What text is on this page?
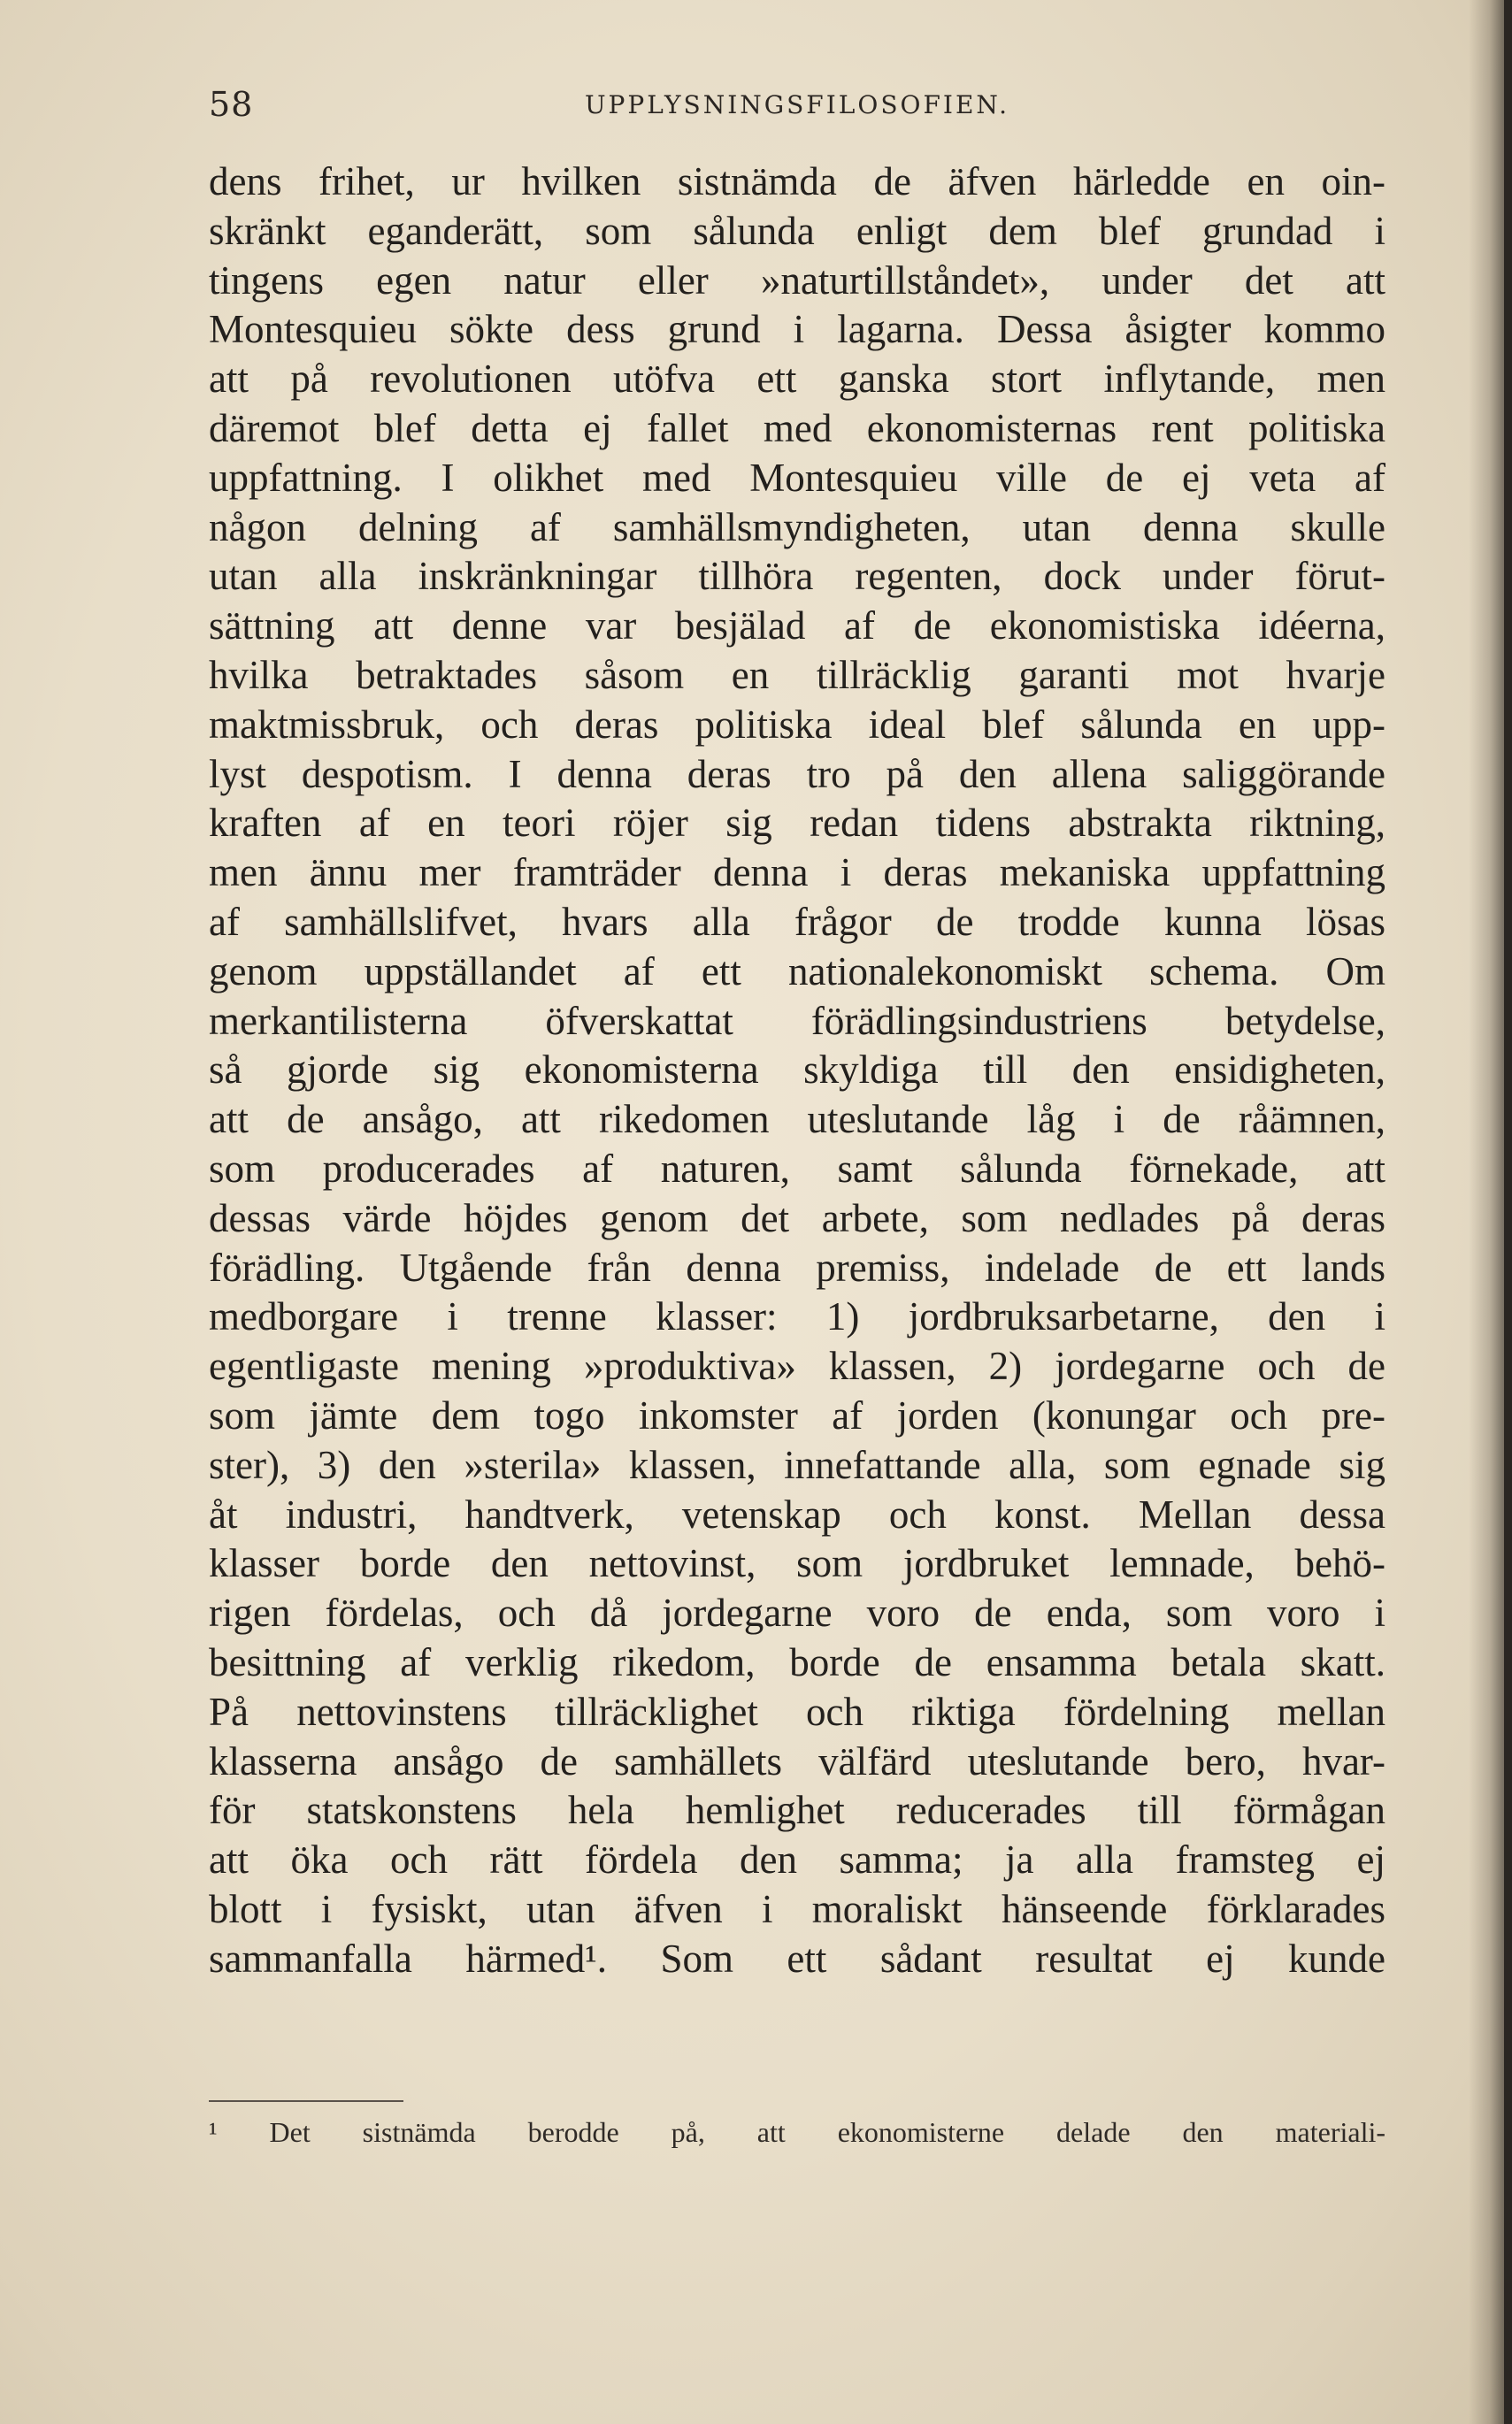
58	UPPLYSNINGSFILOSOFIEN.
dens frihet, ur hvilken sistnämda de äfven härledde en oin-
skränkt eganderätt, som sålunda enligt dem blef grundad i
tingens egen natur eller »naturtillståndet», under det att
Montesquieu sökte dess grund i lagarna. Dessa åsigter kommo
att på revolutionen utöfva ett ganska stort inflytande, men
däremot blef detta ej fallet med ekonomisternas rent politiska
uppfattning. I olikhet med Montesquieu ville de ej veta af
någon delning af samhällsmyndigheten, utan denna skulle
utan alla inskränkningar tillhöra regenten, dock under förut-
sättning att denne var besjälad af de ekonomistiska idéerna,
hvilka betraktades såsom en tillräcklig garanti mot hvarje
maktmissbruk, och deras politiska ideal blef sålunda en upp-
lyst despotism. I denna deras tro på den allena saliggörande
kraften af en teori röjer sig redan tidens abstrakta riktning,
men ännu mer framträder denna i deras mekaniska uppfattning
af samhällslifvet, hvars alla frågor de trodde kunna lösas
genom uppställandet af ett nationalekonomiskt schema. Om
merkantilisterna öfverskattat förädlingsindustriens betydelse,
så gjorde sig ekonomisterna skyldiga till den ensidigheten,
att de ansågo, att rikedomen uteslutande låg i de råämnen,
som producerades af naturen, samt sålunda förnekade, att
dessas värde höjdes genom det arbete, som nedlades på deras
förädling. Utgående från denna premiss, indelade de ett lands
medborgare i trenne klasser: 1) jordbruksarbetarne, den i
egentligaste mening »produktiva» klassen, 2) jordegarne och de
som jämte dem togo inkomster af jorden (konungar och pre-
ster), 3) den »sterila» klassen, innefattande alla, som egnade sig
åt industri, handtverk, vetenskap och konst. Mellan dessa
klasser borde den nettovinst, som jordbruket lemnade, behö-
rigen fördelas, och då jordegarne voro de enda, som voro i
besittning af verklig rikedom, borde de ensamma betala skatt.
På nettovinstens tillräcklighet och riktiga fördelning mellan
klasserna ansågo de samhällets välfärd uteslutande bero, hvar-
för statskonstens hela hemlighet reducerades till förmågan
att öka och rätt fördela den samma; ja alla framsteg ej
blott i fysiskt, utan äfven i moraliskt hänseende förklarades
sammanfalla härmed¹. Som ett sådant resultat ej kunde
¹ Det sistnämda berodde på, att ekonomisterne delade den materiali-
